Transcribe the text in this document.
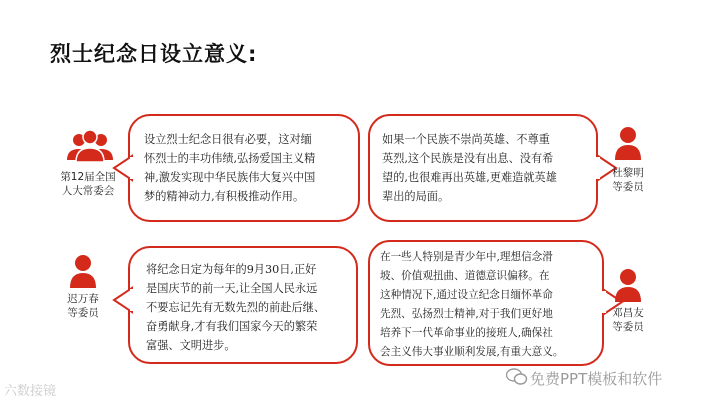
烈士纪念日设立意义:
设立烈士纪念日很有必要，这对缅
怀烈士的丰功伟绩,弘扬爱国主义精
神,激发实现中华民族伟大复兴中国
梦的精神动力,有积极推动作用。
第12届全国
人大常委会
如果一个民族不崇尚英雄、不尊重
英烈,这个民族是没有出息、没有希
望的,也很难再出英雄,更难造就英雄
辈出的局面。
杜黎明
等委员
将纪念日定为每年的9月30日,正好
是国庆节的前一天,让全国人民永远
不要忘记先有无数先烈的前赴后继、
奋勇献身,才有我们国家今天的繁荣
富强、文明进步。
迟万春
等委员
在一些人特别是青少年中,理想信念滑
坡、价值观扭曲、道德意识偏移。在
这种情况下,通过设立纪念日缅怀革命
先烈、弘扬烈士精神,对于我们更好地
培养下一代革命事业的接班人,确保社
会主义伟大事业顺利发展,有重大意义。
邓昌友
等委员
六数接镜
免费PPT模板和软件
